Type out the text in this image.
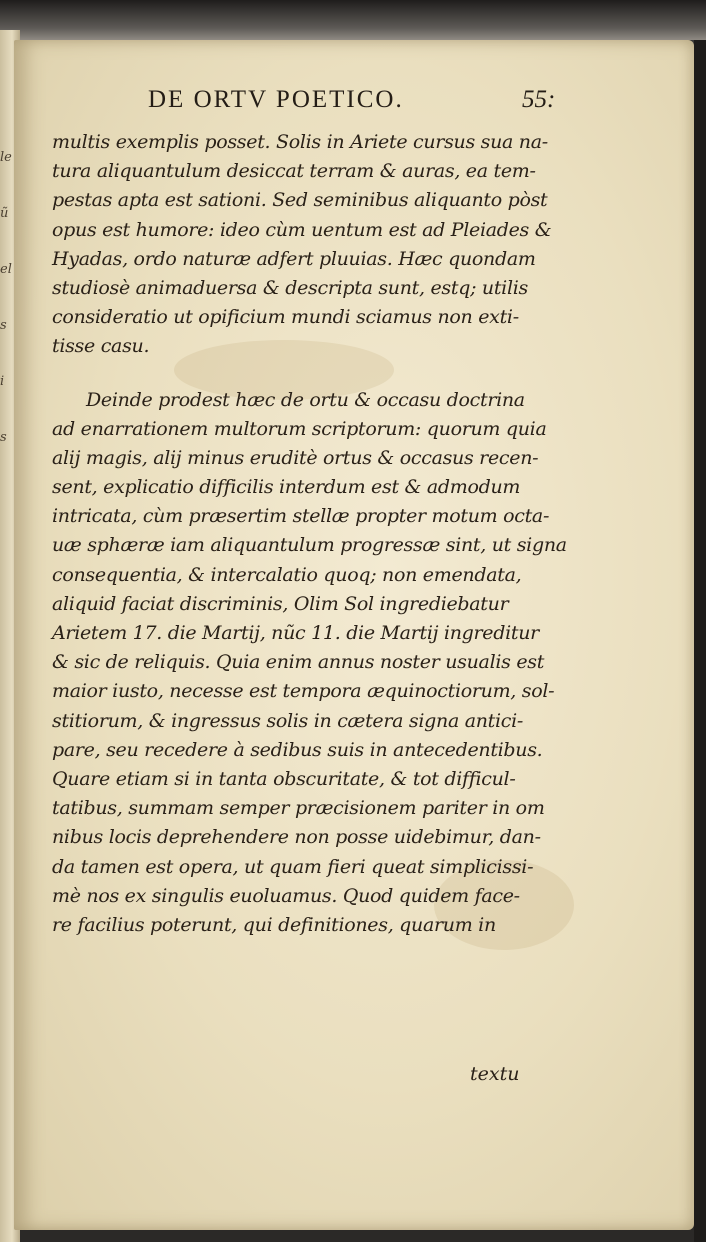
le
ũ
el
s
i
s
DE ORTV POETICO.	55:
multis exemplis posset. Solis in Ariete cursus sua na-
tura aliquantulum desiccat terram & auras, ea tem-
pestas apta est sationi. Sed seminibus aliquanto pòst
opus est humore: ideo cùm uentum est ad Pleiades &
Hyadas, ordo naturæ adfert pluuias. Hæc quondam
studiosè animaduersa & descripta sunt, estq; utilis
consideratio ut opificium mundi sciamus non exti-
tisse casu.
Deinde prodest hæc de ortu & occasu doctrina
ad enarrationem multorum scriptorum: quorum quia
alij magis, alij minus eruditè ortus & occasus recen-
sent, explicatio difficilis interdum est & admodum
intricata, cùm præsertim stellæ propter motum octa-
uæ sphæræ iam aliquantulum progressæ sint, ut signa
consequentia, & intercalatio quoq; non emendata,
aliquid faciat discriminis, Olim Sol ingrediebatur
Arietem 17. die Martij, nũc 11. die Martij ingreditur
& sic de reliquis. Quia enim annus noster usualis est
maior iusto, necesse est tempora æquinoctiorum, sol-
stitiorum, & ingressus solis in cætera signa antici-
pare, seu recedere à sedibus suis in antecedentibus.
Quare etiam si in tanta obscuritate, & tot difficul-
tatibus, summam semper præcisionem pariter in om
nibus locis deprehendere non posse uidebimur, dan-
da tamen est opera, ut quam fieri queat simplicissi-
mè nos ex singulis euoluamus. Quod quidem face-
re facilius poterunt, qui definitiones, quarum in
textu
